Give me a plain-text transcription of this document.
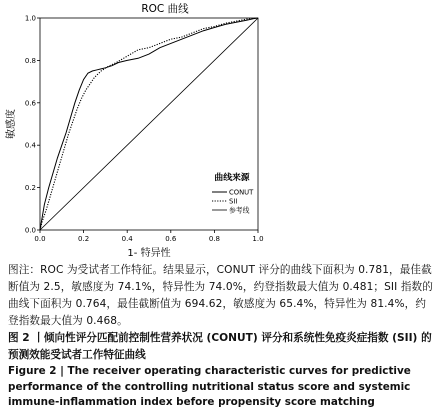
ROC 曲线
0.0
0.2
0.4
0.6
0.8
1.0
0.0	0.2	0.4	0.6	0.8	1.0
敏感度
1- 特异性
曲线来源
CONUT
SII
参考线

图注：ROC 为受试者工作特征。结果显示，CONUT 评分的曲线下面积为 0.781，最佳截断值为 2.5，敏感度为 74.1%，特异性为 74.0%，约登指数最大值为 0.481；SII 指数的曲线下面积为 0.764，最佳截断值为 694.62，敏感度为 65.4%，特异性为 81.4%，约登指数最大值为 0.468。

图 2 丨倾向性评分匹配前控制性营养状况 (CONUT) 评分和系统性免疫炎症指数 (SII) 的预测效能受试者工作特征曲线

Figure 2 | The receiver operating characteristic curves for predictive performance of the controlling nutritional status score and systemic immune-inflammation index before propensity score matching
